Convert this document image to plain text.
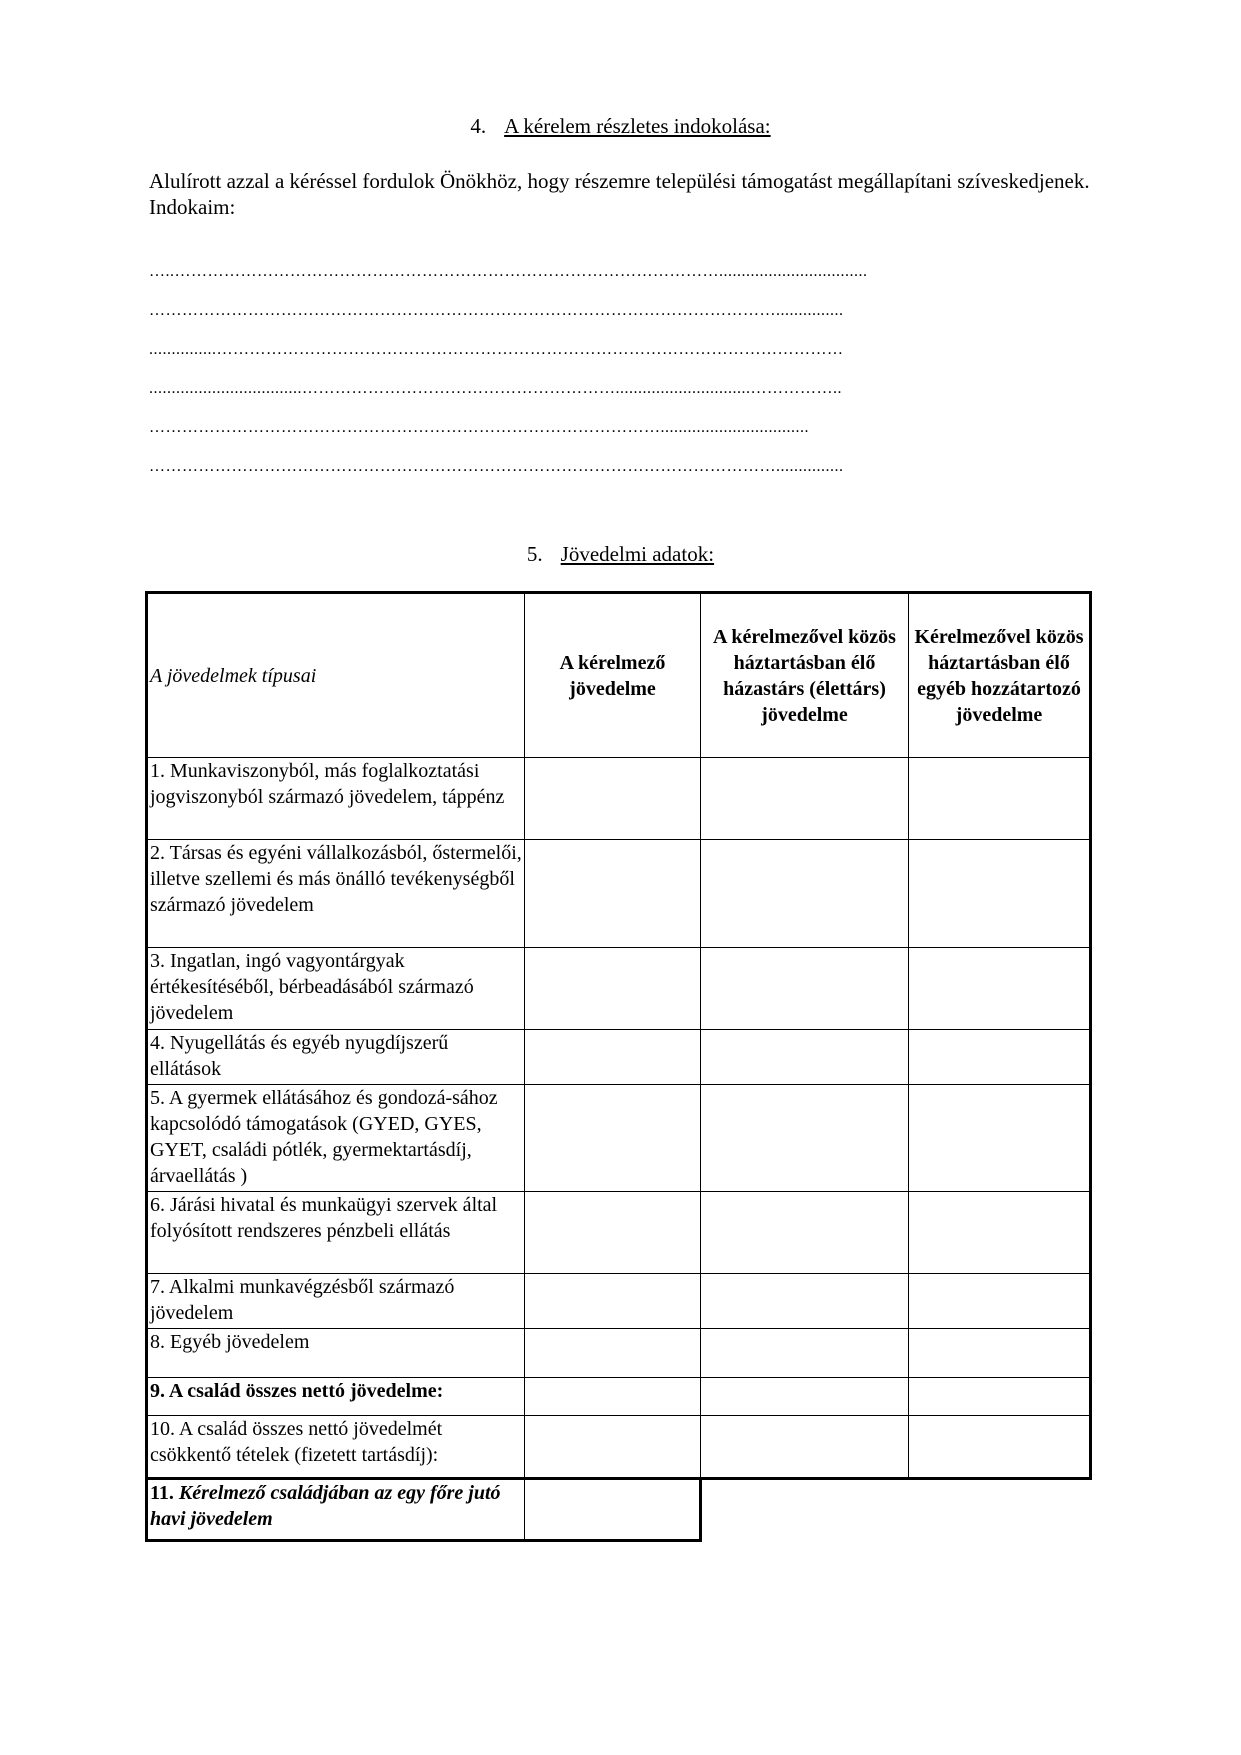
4. A kérelem részletes indokolása:
Alulírott azzal a kéréssel fordulok Önökhöz, hogy részemre települési támogatást megállapítani szíveskedjenek.
Indokaim:
…..……………………………………………………………………………………….................................
……………………………………………………………………………………………………...............
...............……………………………………………………………………………………………………
..................................…………………………………………………..............................……………..
………………………………………………………………………………….................................
……………………………………………………………………………………………………...............
5. Jövedelmi adatok:
A jövedelmek típusai	A kérelmező jövedelme	A kérelmezővel közös háztartásban élő házastárs (élettárs) jövedelme	Kérelmezővel közös háztartásban élő egyéb hozzátartozó jövedelme
1. Munkaviszonyból, más foglalkoztatási jogviszonyból származó jövedelem, táppénz			
2. Társas és egyéni vállalkozásból, őstermelői, illetve szellemi és más önálló tevékenységből származó jövedelem			
3. Ingatlan, ingó vagyontárgyak értékesítéséből, bérbeadásából származó jövedelem			
4. Nyugellátás és egyéb nyugdíjszerű ellátások			
5. A gyermek ellátásához és gondozá-sához kapcsolódó támogatások (GYED, GYES, GYET, családi pótlék, gyermektartásdíj, árvaellátás )			
6. Járási hivatal és munkaügyi szervek által folyósított rendszeres pénzbeli ellátás			
7. Alkalmi munkavégzésből származó jövedelem			
8. Egyéb jövedelem			
9. A család összes nettó jövedelme:			
10. A család összes nettó jövedelmét csökkentő tételek (fizetett tartásdíj):			
11. Kérelmező családjában az egy főre jutó havi jövedelem			
